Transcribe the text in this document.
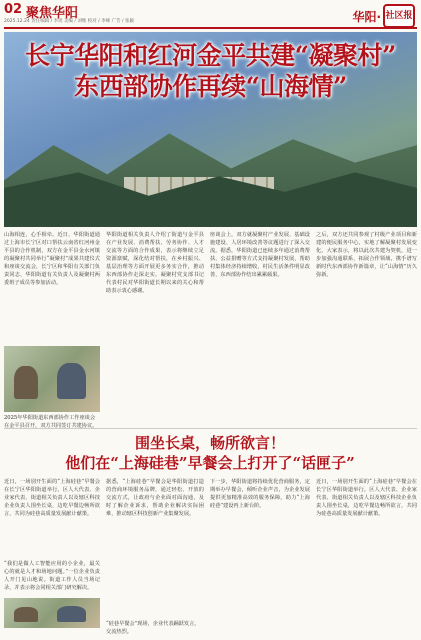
02 聚焦华阳
2025.12.24 责任编辑 / 李瑶 美编 / 刘维 校对 / 李峰 广告 / 张颖	华阳· 社区报
长宁华阳和红河金平共建“凝聚村”
东西部协作再续“山海情”
山海相连，心手相牵。近日，华阳街道通过上海市长宁区对口帮扶云南省红河州金平县的合作机制，双方在金平县金水河镇的凝聚村共同举行“凝聚村”成果共建仪式和座谈交流会，长宁区和华阳有关部门负责同志、华阳街道有关负责人及凝聚村两委班子成员等参加活动。
2025年华阳街道东西部协作工作座谈会在金平县召开，双方共同签订共建协议。
华阳街道相关负责人介绍了街道与金平县在产业发展、消费帮扶、劳务协作、人才交流等方面的合作成果，表示将继续立足资源禀赋，深化结对帮扶，在乡村振兴、基层治理等方面开展更多务实合作，推动东西部协作走深走实。凝聚村党支部书记代表村民对华阳街道长期以来的关心和帮助表示衷心感谢。
座谈会上，双方就凝聚村产业发展、基础设施建设、人居环境改善等议题进行了深入交流。据悉，华阳街道已连续多年通过消费帮扶、公益捐赠等方式支持凝聚村发展，帮助村集体经济持续增收，村民生活条件明显改善，东西部协作结出累累硕果。
之后，双方还共同参观了村级产业项目和新建的便民服务中心，实地了解凝聚村发展变化。大家表示，将以此次共建为契机，进一步加强沟通联系，拓展合作领域，携手谱写新时代东西部协作新篇章，让“山海情”历久弥新。
围坐长桌，畅所欲言！
他们在“上海硅巷”早餐会上打开了“话匣子”
近日，一场别开生面的“上海硅巷”早餐会在长宁区华阳街道举行。区人大代表、企业家代表、街道相关负责人以及辖区科技企业负责人围坐长桌，边吃早餐边畅所欲言，共同为硅巷高质量发展献计献策。
“我们是做人工智能应用的小企业，最关心的就是人才和场地问题。”一位企业负责人开门见山地说。街道工作人员当场记录，并表示将会同相关部门研究解决。
“硅巷早餐会”现场，企业代表踊跃发言，交流热烈。
据悉，“上海硅巷”早餐会是华阳街道打造的营商环境服务品牌，通过轻松、开放的交流方式，让政府与企业面对面沟通，及时了解企业诉求，帮助企业解决实际困难，推动辖区科技创新产业集聚发展。
下一步，华阳街道将持续优化营商服务，定期举办早餐会，倾听企业声音，为企业发展提供更加精准高效的服务保障，助力“上海硅巷”建设再上新台阶。
近日，一场别开生面的“上海硅巷”早餐会在长宁区华阳街道举行。区人大代表、企业家代表、街道相关负责人以及辖区科技企业负责人围坐长桌，边吃早餐边畅所欲言，共同为硅巷高质量发展献计献策。
